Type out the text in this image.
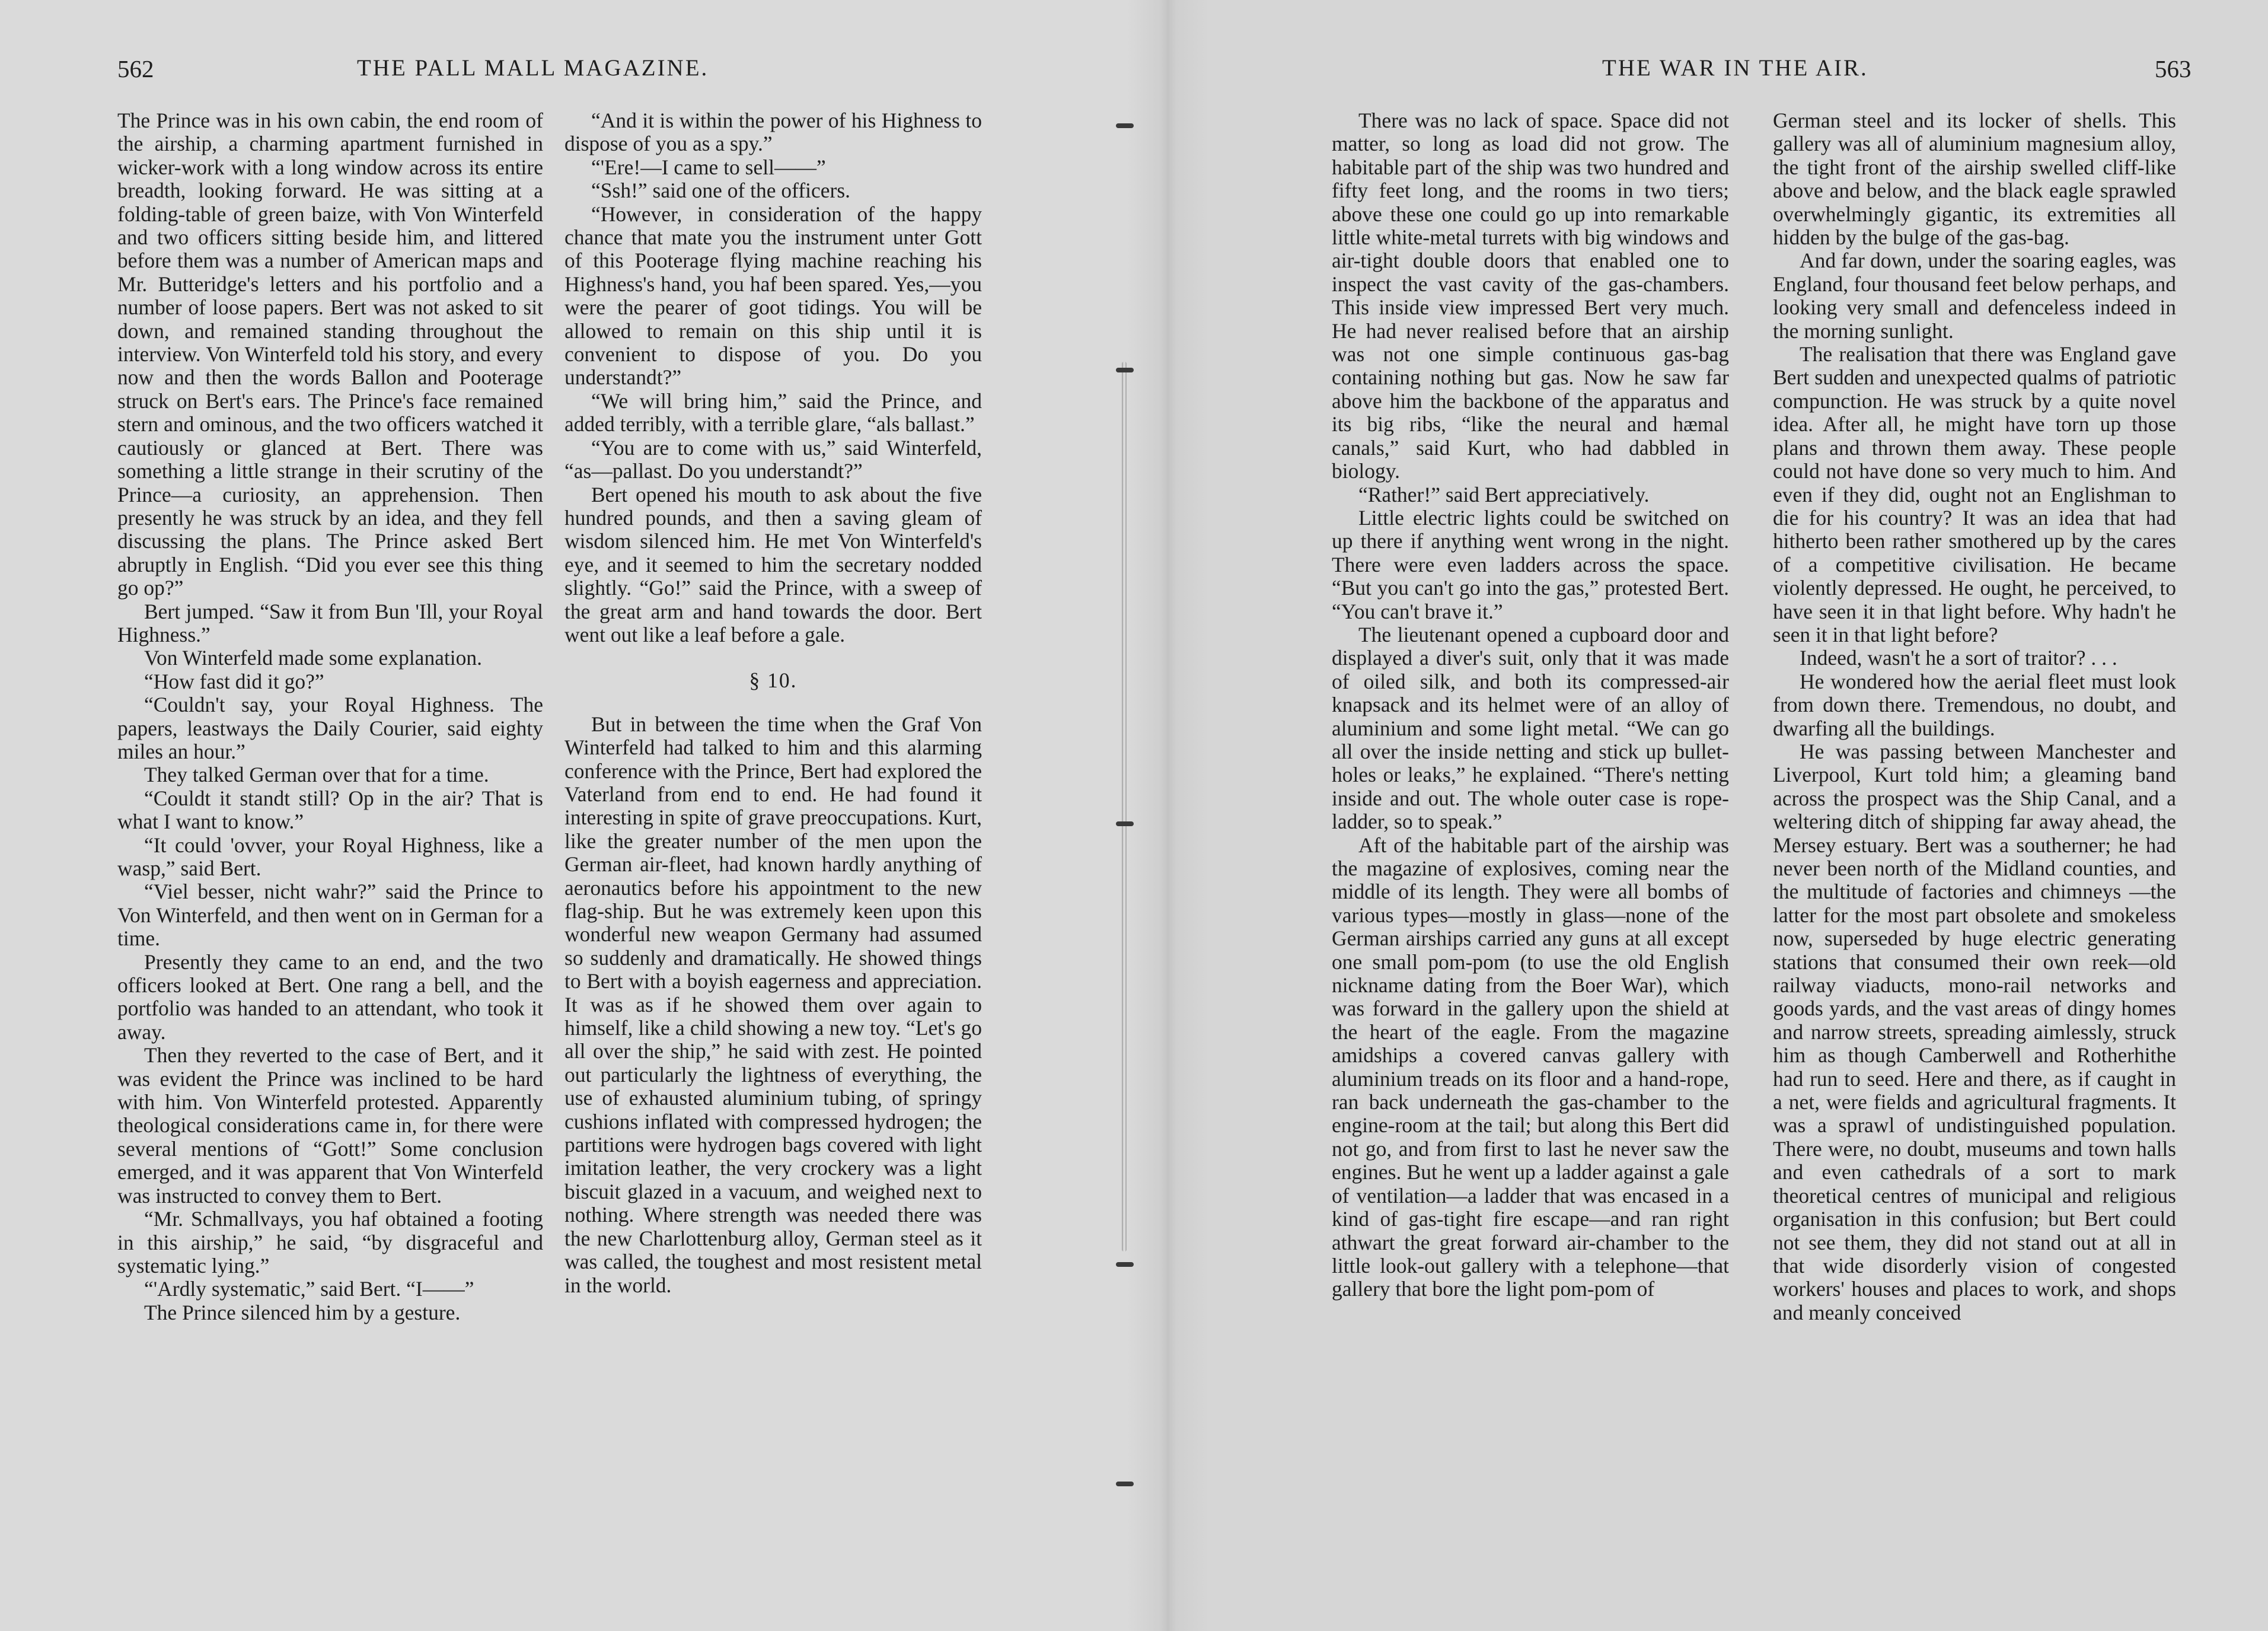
562	THE PALL MALL MAGAZINE.

The Prince was in his own cabin, the end room of the airship, a charming apartment furnished in wicker-work with a long window across its entire breadth, looking forward. He was sitting at a folding-table of green baize, with Von Winterfeld and two officers sitting beside him, and littered before them was a number of American maps and Mr. Butteridge's letters and his portfolio and a number of loose papers. Bert was not asked to sit down, and remained standing throughout the interview. Von Winterfeld told his story, and every now and then the words Ballon and Pooterage struck on Bert's ears. The Prince's face remained stern and ominous, and the two officers watched it cautiously or glanced at Bert. There was something a little strange in their scrutiny of the Prince—a curiosity, an apprehension. Then presently he was struck by an idea, and they fell discussing the plans. The Prince asked Bert abruptly in English. “Did you ever see this thing go op?”

Bert jumped. “Saw it from Bun 'Ill, your Royal Highness.”

Von Winterfeld made some explanation.

“How fast did it go?”

“Couldn't say, your Royal Highness. The papers, leastways the Daily Courier, said eighty miles an hour.”

They talked German over that for a time.

“Couldt it standt still? Op in the air? That is what I want to know.”

“It could 'ovver, your Royal Highness, like a wasp,” said Bert.

“Viel besser, nicht wahr?” said the Prince to Von Winterfeld, and then went on in German for a time.

Presently they came to an end, and the two officers looked at Bert. One rang a bell, and the portfolio was handed to an attendant, who took it away.

Then they reverted to the case of Bert, and it was evident the Prince was inclined to be hard with him. Von Winterfeld protested. Apparently theological considerations came in, for there were several mentions of “Gott!” Some conclusion emerged, and it was apparent that Von Winterfeld was instructed to convey them to Bert.

“Mr. Schmallvays, you haf obtained a footing in this airship,” he said, “by disgraceful and systematic lying.”

“'Ardly systematic,” said Bert. “I——”

The Prince silenced him by a gesture.

“And it is within the power of his Highness to dispose of you as a spy.”

“'Ere!—I came to sell——”

“Ssh!” said one of the officers.

“However, in consideration of the happy chance that mate you the instrument unter Gott of this Pooterage flying machine reaching his Highness's hand, you haf been spared. Yes,—you were the pearer of goot tidings. You will be allowed to remain on this ship until it is convenient to dispose of you. Do you understandt?”

“We will bring him,” said the Prince, and added terribly, with a terrible glare, “als ballast.”

“You are to come with us,” said Winterfeld, “as—pallast. Do you understandt?”

Bert opened his mouth to ask about the five hundred pounds, and then a saving gleam of wisdom silenced him. He met Von Winterfeld's eye, and it seemed to him the secretary nodded slightly. “Go!” said the Prince, with a sweep of the great arm and hand towards the door. Bert went out like a leaf before a gale.

§ 10.

But in between the time when the Graf Von Winterfeld had talked to him and this alarming conference with the Prince, Bert had explored the Vaterland from end to end. He had found it interesting in spite of grave preoccupations. Kurt, like the greater number of the men upon the German air-fleet, had known hardly anything of aeronautics before his appointment to the new flag-ship. But he was extremely keen upon this wonderful new weapon Germany had assumed so suddenly and dramatically. He showed things to Bert with a boyish eagerness and appreciation. It was as if he showed them over again to himself, like a child showing a new toy. “Let's go all over the ship,” he said with zest. He pointed out particularly the lightness of everything, the use of exhausted aluminium tubing, of springy cushions inflated with compressed hydrogen; the partitions were hydrogen bags covered with light imitation leather, the very crockery was a light biscuit glazed in a vacuum, and weighed next to nothing. Where strength was needed there was the new Charlottenburg alloy, German steel as it was called, the toughest and most resistent metal in the world.

THE WAR IN THE AIR.	563

There was no lack of space. Space did not matter, so long as load did not grow. The habitable part of the ship was two hundred and fifty feet long, and the rooms in two tiers; above these one could go up into remarkable little white-metal turrets with big windows and air-tight double doors that enabled one to inspect the vast cavity of the gas-chambers. This inside view impressed Bert very much. He had never realised before that an airship was not one simple continuous gas-bag containing nothing but gas. Now he saw far above him the backbone of the apparatus and its big ribs, “like the neural and hæmal canals,” said Kurt, who had dabbled in biology.

“Rather!” said Bert appreciatively.

Little electric lights could be switched on up there if anything went wrong in the night. There were even ladders across the space. “But you can't go into the gas,” protested Bert. “You can't brave it.”

The lieutenant opened a cupboard door and displayed a diver's suit, only that it was made of oiled silk, and both its compressed-air knapsack and its helmet were of an alloy of aluminium and some light metal. “We can go all over the inside netting and stick up bullet-holes or leaks,” he explained. “There's netting inside and out. The whole outer case is rope-ladder, so to speak.”

Aft of the habitable part of the airship was the magazine of explosives, coming near the middle of its length. They were all bombs of various types—mostly in glass—none of the German airships carried any guns at all except one small pom-pom (to use the old English nickname dating from the Boer War), which was forward in the gallery upon the shield at the heart of the eagle. From the magazine amidships a covered canvas gallery with aluminium treads on its floor and a hand-rope, ran back underneath the gas-chamber to the engine-room at the tail; but along this Bert did not go, and from first to last he never saw the engines. But he went up a ladder against a gale of ventilation—a ladder that was encased in a kind of gas-tight fire escape—and ran right athwart the great forward air-chamber to the little look-out gallery with a telephone—that gallery that bore the light pom-pom of

German steel and its locker of shells. This gallery was all of aluminium magnesium alloy, the tight front of the airship swelled cliff-like above and below, and the black eagle sprawled overwhelmingly gigantic, its extremities all hidden by the bulge of the gas-bag.

And far down, under the soaring eagles, was England, four thousand feet below perhaps, and looking very small and defenceless indeed in the morning sunlight.

The realisation that there was England gave Bert sudden and unexpected qualms of patriotic compunction. He was struck by a quite novel idea. After all, he might have torn up those plans and thrown them away. These people could not have done so very much to him. And even if they did, ought not an Englishman to die for his country? It was an idea that had hitherto been rather smothered up by the cares of a competitive civilisation. He became violently depressed. He ought, he perceived, to have seen it in that light before. Why hadn't he seen it in that light before?

Indeed, wasn't he a sort of traitor? . . .

He wondered how the aerial fleet must look from down there. Tremendous, no doubt, and dwarfing all the buildings.

He was passing between Manchester and Liverpool, Kurt told him; a gleaming band across the prospect was the Ship Canal, and a weltering ditch of shipping far away ahead, the Mersey estuary. Bert was a southerner; he had never been north of the Midland counties, and the multitude of factories and chimneys —the latter for the most part obsolete and smokeless now, superseded by huge electric generating stations that consumed their own reek—old railway viaducts, mono-rail networks and goods yards, and the vast areas of dingy homes and narrow streets, spreading aimlessly, struck him as though Camberwell and Rotherhithe had run to seed. Here and there, as if caught in a net, were fields and agricultural fragments. It was a sprawl of undistinguished population. There were, no doubt, museums and town halls and even cathedrals of a sort to mark theoretical centres of municipal and religious organisation in this confusion; but Bert could not see them, they did not stand out at all in that wide disorderly vision of congested workers' houses and places to work, and shops and meanly conceived
